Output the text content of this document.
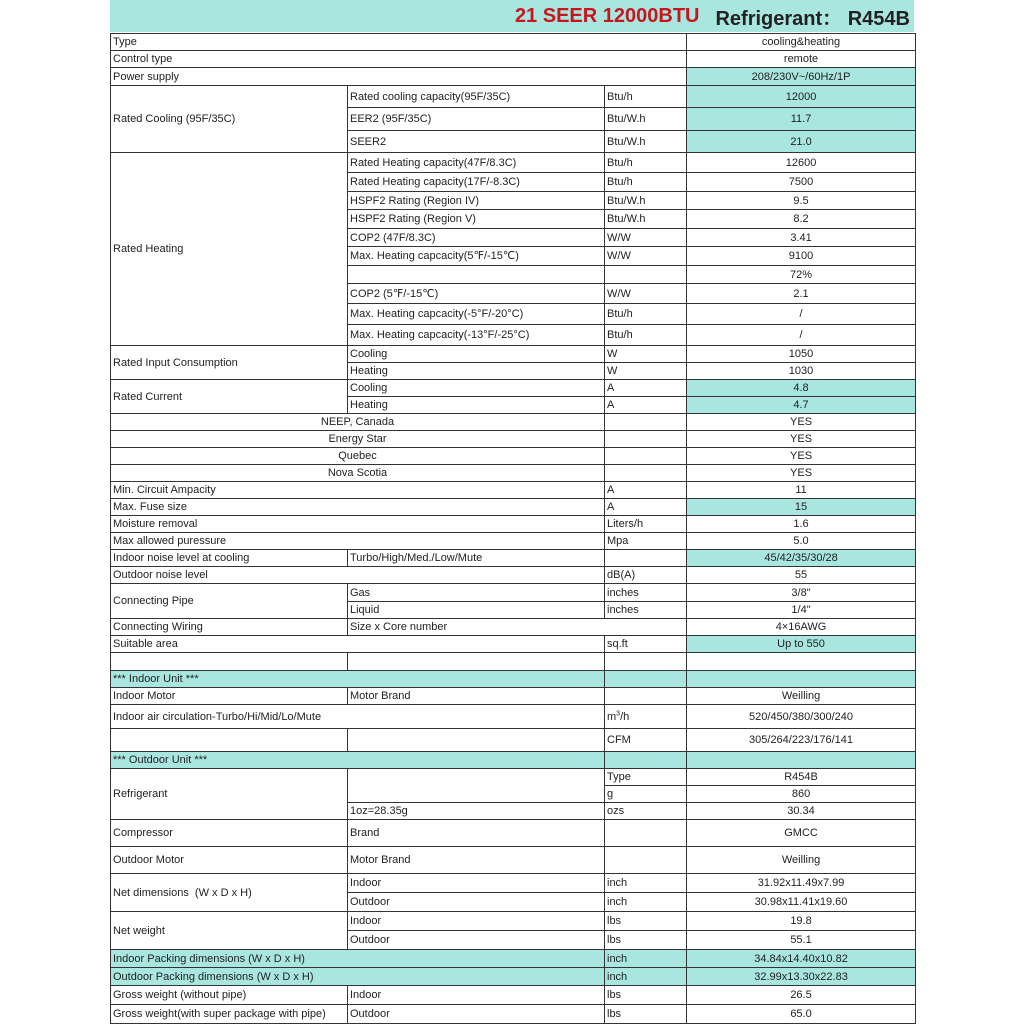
21 SEER 12000BTU Refrigerant： R454B
Type			cooling&heating
Control type			remote
Power supply			208/230V~/60Hz/1P
Rated Cooling (95F/35C)	Rated cooling capacity(95F/35C)	Btu/h	12000
	EER2 (95F/35C)	Btu/W.h	11.7
	SEER2	Btu/W.h	21.0
Rated Heating	Rated Heating capacity(47F/8.3C)	Btu/h	12600
	Rated Heating capacity(17F/-8.3C)	Btu/h	7500
	HSPF2 Rating (Region IV)	Btu/W.h	9.5
	HSPF2 Rating (Region V)	Btu/W.h	8.2
	COP2 (47F/8.3C)	W/W	3.41
	Max. Heating capcacity(5℉/-15℃)	W/W	9100
			72%
	COP2 (5℉/-15℃)	W/W	2.1
	Max. Heating capcacity(-5°F/-20°C)	Btu/h	/
	Max. Heating capcacity(-13°F/-25°C)	Btu/h	/
Rated Input Consumption	Cooling	W	1050
	Heating	W	1030
Rated Current	Cooling	A	4.8
	Heating	A	4.7
NEEP, Canada			YES
Energy Star			YES
Quebec			YES
Nova Scotia			YES
Min. Circuit Ampacity		A	11
Max. Fuse size		A	15
Moisture removal		Liters/h	1.6
Max allowed puressure		Mpa	5.0
Indoor noise level at cooling	Turbo/High/Med./Low/Mute		45/42/35/30/28
Outdoor noise level		dB(A)	55
Connecting Pipe	Gas	inches	3/8"
	Liquid	inches	1/4"
Connecting Wiring	Size x Core number		4×16AWG
Suitable area		sq.ft	Up to 550

*** Indoor Unit ***			
Indoor Motor	Motor Brand		Weilling
Indoor air circulation-Turbo/Hi/Mid/Lo/Mute		$m^3/h$	520/450/380/300/240
		CFM	305/264/223/176/141
*** Outdoor Unit ***			
Refrigerant		Type	R454B
		g	860
	1oz=28.35g	ozs	30.34
Compressor	Brand		GMCC
Outdoor Motor	Motor Brand		Weilling
Net dimensions  (W x D x H)	Indoor	inch	31.92x11.49x7.99
	Outdoor	inch	30.98x11.41x19.60
Net weight	Indoor	lbs	19.8
	Outdoor	lbs	55.1
Indoor Packing dimensions (W x D x H)		inch	34.84x14.40x10.82
Outdoor Packing dimensions (W x D x H)		inch	32.99x13.30x22.83
Gross weight (without pipe)	Indoor	lbs	26.5
Gross weight(with super package with pipe)	Outdoor	lbs	65.0
